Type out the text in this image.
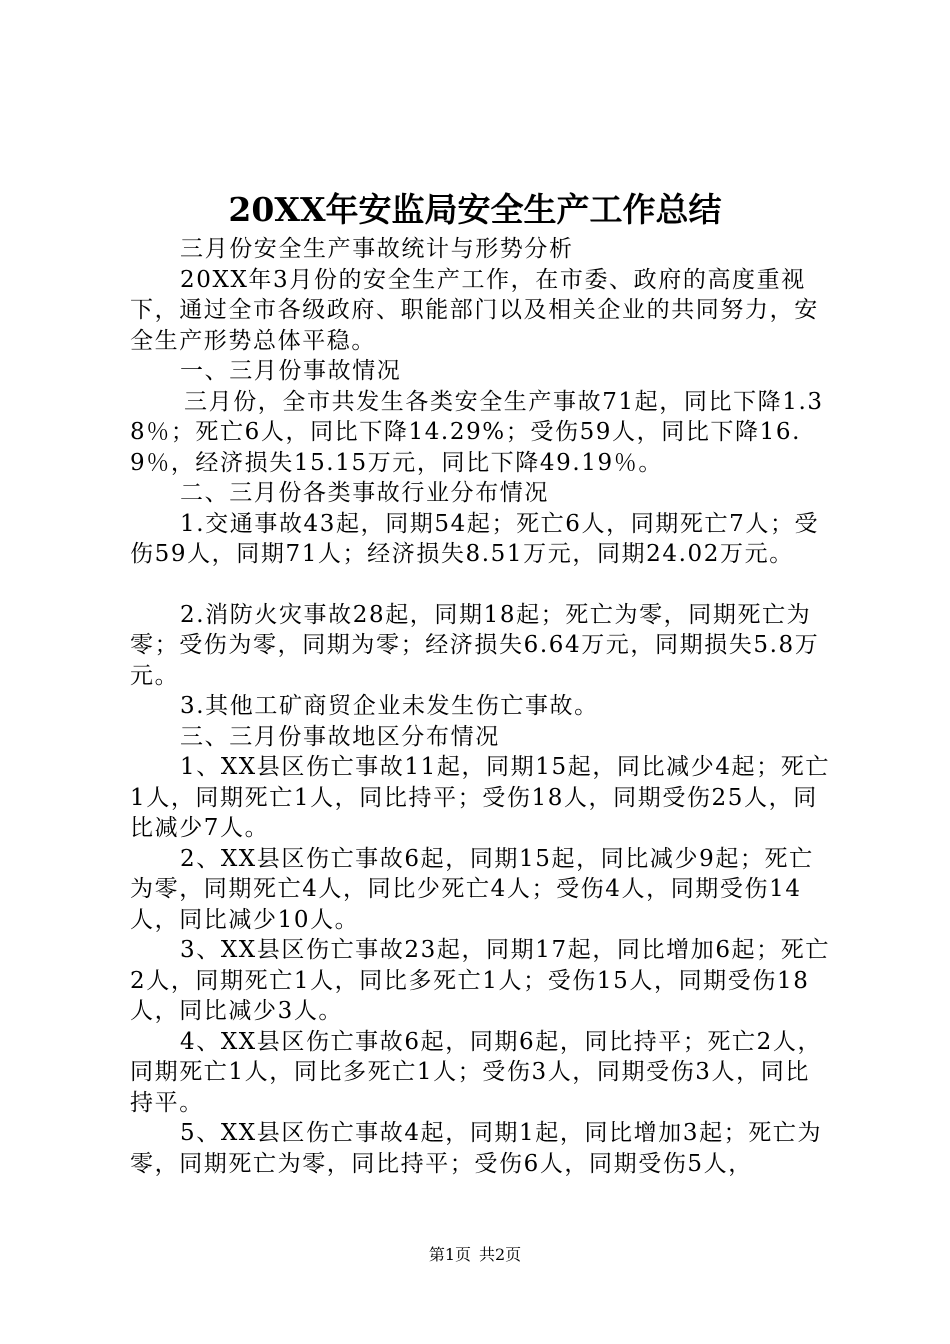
20XX年安监局安全生产工作总结

三月份安全生产事故统计与形势分析

20XX年3月份的安全生产工作，在市委、政府的高度重视下，通过全市各级政府、职能部门以及相关企业的共同努力，安全生产形势总体平稳。

一、三月份事故情况

三月份，全市共发生各类安全生产事故71起，同比下降1.38％；死亡6人，同比下降14.29%；受伤59人，同比下降16.9％，经济损失15.15万元，同比下降49.19％。

二、三月份各类事故行业分布情况

1.交通事故43起，同期54起；死亡6人，同期死亡7人；受伤59人，同期71人；经济损失8.51万元，同期24.02万元。

2.消防火灾事故28起，同期18起；死亡为零，同期死亡为零；受伤为零，同期为零；经济损失6.64万元，同期损失5.8万元。

3.其他工矿商贸企业未发生伤亡事故。

三、三月份事故地区分布情况

1、XX县区伤亡事故11起，同期15起，同比减少4起；死亡1人，同期死亡1人，同比持平；受伤18人，同期受伤25人，同比减少7人。

2、XX县区伤亡事故6起，同期15起，同比减少9起；死亡为零，同期死亡4人，同比少死亡4人；受伤4人，同期受伤14人，同比减少10人。

3、XX县区伤亡事故23起，同期17起，同比增加6起；死亡2人，同期死亡1人，同比多死亡1人；受伤15人，同期受伤18人，同比减少3人。

4、XX县区伤亡事故6起，同期6起，同比持平；死亡2人，同期死亡1人，同比多死亡1人；受伤3人，同期受伤3人，同比持平。

5、XX县区伤亡事故4起，同期1起，同比增加3起；死亡为零，同期死亡为零，同比持平；受伤6人，同期受伤5人，

第1页 共2页
